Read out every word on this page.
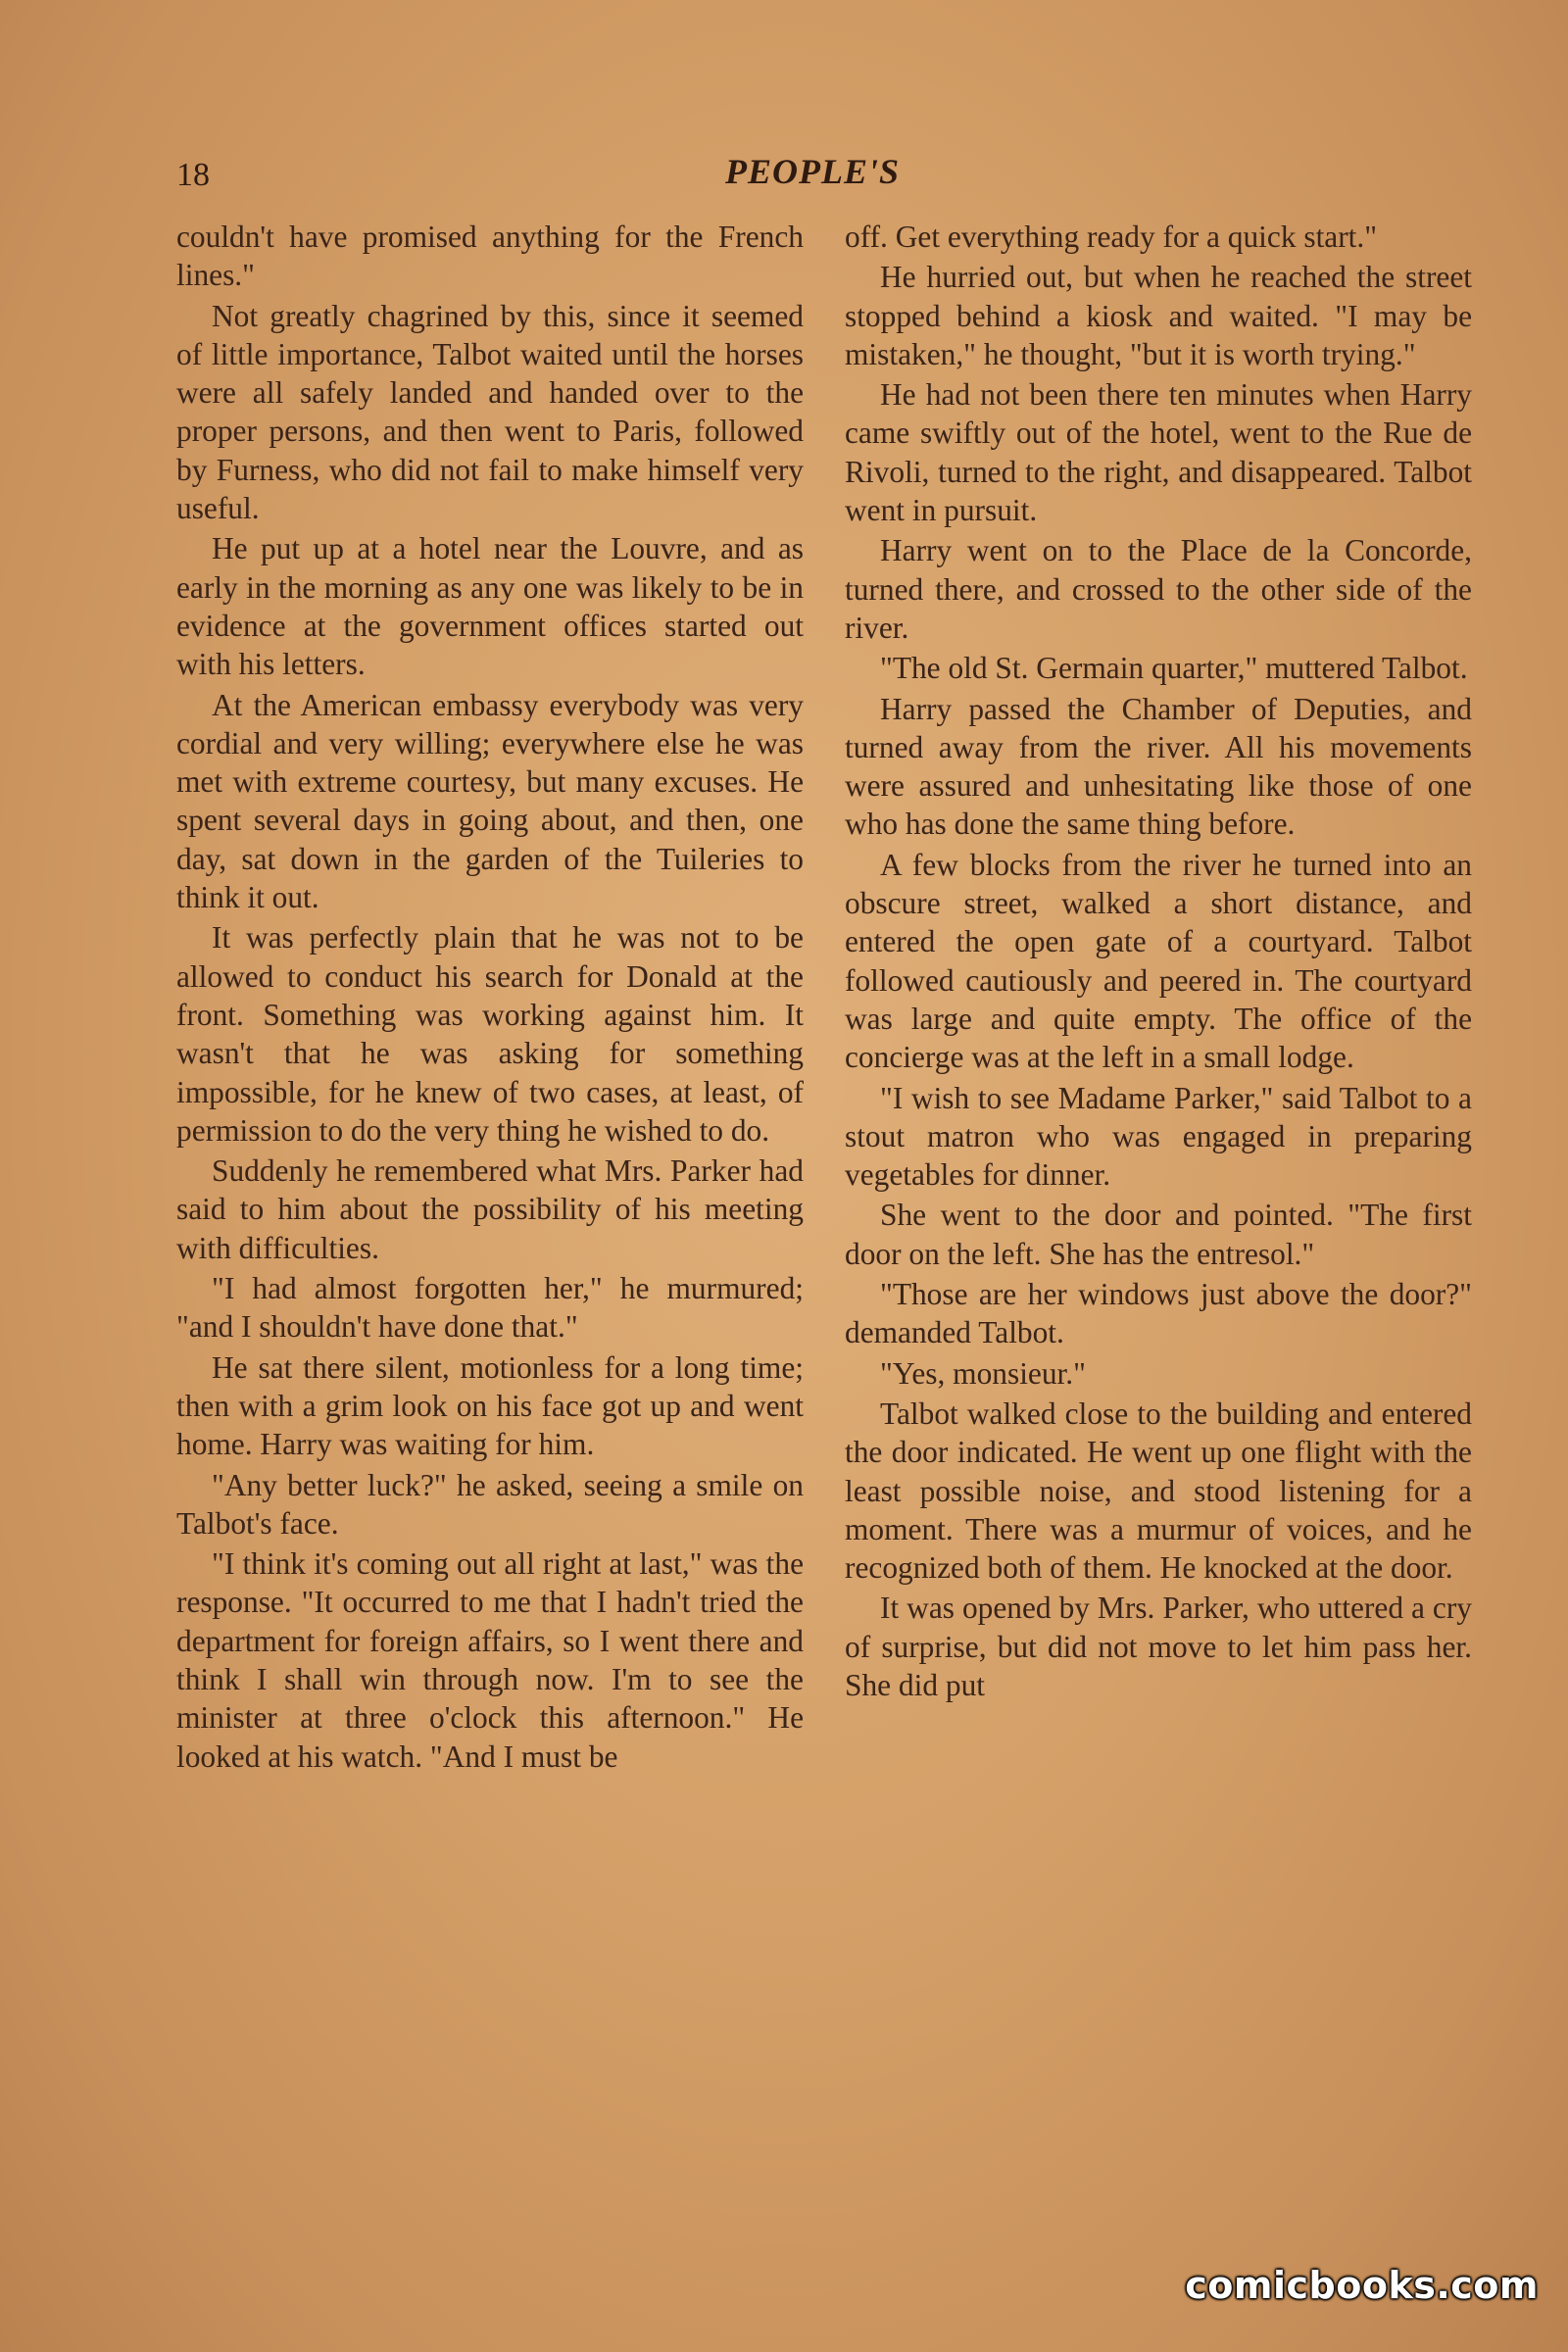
18	PEOPLE'S

couldn't have promised anything for the French lines."

Not greatly chagrined by this, since it seemed of little importance, Talbot waited until the horses were all safely landed and handed over to the proper persons, and then went to Paris, followed by Furness, who did not fail to make himself very useful.

He put up at a hotel near the Louvre, and as early in the morning as any one was likely to be in evidence at the government offices started out with his letters.

At the American embassy everybody was very cordial and very willing; everywhere else he was met with extreme courtesy, but many excuses. He spent several days in going about, and then, one day, sat down in the garden of the Tuileries to think it out.

It was perfectly plain that he was not to be allowed to conduct his search for Donald at the front. Something was working against him. It wasn't that he was asking for something impossible, for he knew of two cases, at least, of permission to do the very thing he wished to do.

Suddenly he remembered what Mrs. Parker had said to him about the possibility of his meeting with difficulties.

"I had almost forgotten her," he murmured; "and I shouldn't have done that."

He sat there silent, motionless for a long time; then with a grim look on his face got up and went home. Harry was waiting for him.

"Any better luck?" he asked, seeing a smile on Talbot's face.

"I think it's coming out all right at last," was the response. "It occurred to me that I hadn't tried the department for foreign affairs, so I went there and think I shall win through now. I'm to see the minister at three o'clock this afternoon." He looked at his watch. "And I must be

off. Get everything ready for a quick start."

He hurried out, but when he reached the street stopped behind a kiosk and waited. "I may be mistaken," he thought, "but it is worth trying."

He had not been there ten minutes when Harry came swiftly out of the hotel, went to the Rue de Rivoli, turned to the right, and disappeared. Talbot went in pursuit.

Harry went on to the Place de la Concorde, turned there, and crossed to the other side of the river.

"The old St. Germain quarter," muttered Talbot.

Harry passed the Chamber of Deputies, and turned away from the river. All his movements were assured and unhesitating like those of one who has done the same thing before.

A few blocks from the river he turned into an obscure street, walked a short distance, and entered the open gate of a courtyard. Talbot followed cautiously and peered in. The courtyard was large and quite empty. The office of the concierge was at the left in a small lodge.

"I wish to see Madame Parker," said Talbot to a stout matron who was engaged in preparing vegetables for dinner.

She went to the door and pointed. "The first door on the left. She has the entresol."

"Those are her windows just above the door?" demanded Talbot.

"Yes, monsieur."

Talbot walked close to the building and entered the door indicated. He went up one flight with the least possible noise, and stood listening for a moment. There was a murmur of voices, and he recognized both of them. He knocked at the door.

It was opened by Mrs. Parker, who uttered a cry of surprise, but did not move to let him pass her. She did put

comicbooks.com
